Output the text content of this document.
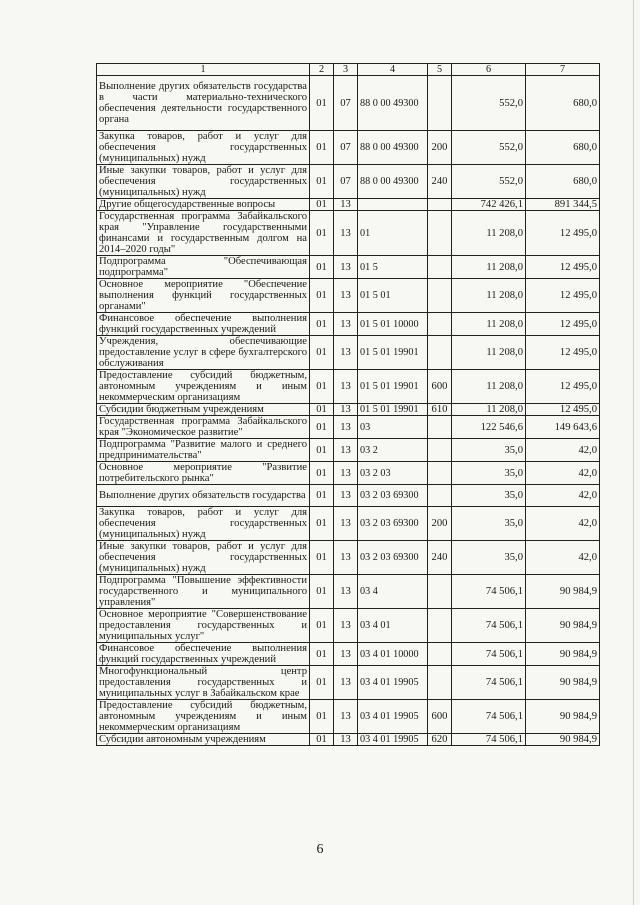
1	2	3	4	5	6	7
Выполнение других обязательств государства в части материально-технического обеспечения деятельности государственного органа	01	07	88 0 00 49300		552,0	680,0
Закупка товаров, работ и услуг для обеспечения государственных (муниципальных) нужд	01	07	88 0 00 49300	200	552,0	680,0
Иные закупки товаров, работ и услуг для обеспечения государственных (муниципальных) нужд	01	07	88 0 00 49300	240	552,0	680,0
Другие общегосударственные вопросы	01	13			742 426,1	891 344,5
Государственная программа Забайкальского края "Управление государственными финансами и государственным долгом на 2014–2020 годы"	01	13	01		11 208,0	12 495,0
Подпрограмма "Обеспечивающая подпрограмма"	01	13	01 5		11 208,0	12 495,0
Основное мероприятие "Обеспечение выполнения функций государственных органами"	01	13	01 5 01		11 208,0	12 495,0
Финансовое обеспечение выполнения функций государственных учреждений	01	13	01 5 01 10000		11 208,0	12 495,0
Учреждения, обеспечивающие предоставление услуг в сфере бухгалтерского обслуживания	01	13	01 5 01 19901		11 208,0	12 495,0
Предоставление субсидий бюджетным, автономным учреждениям и иным некоммерческим организациям	01	13	01 5 01 19901	600	11 208,0	12 495,0
Субсидии бюджетным учреждениям	01	13	01 5 01 19901	610	11 208,0	12 495,0
Государственная программа Забайкальского края "Экономическое развитие"	01	13	03		122 546,6	149 643,6
Подпрограмма "Развитие малого и среднего предпринимательства"	01	13	03 2		35,0	42,0
Основное мероприятие "Развитие потребительского рынка"	01	13	03 2 03		35,0	42,0
Выполнение других обязательств государства	01	13	03 2 03 69300		35,0	42,0
Закупка товаров, работ и услуг для обеспечения государственных (муниципальных) нужд	01	13	03 2 03 69300	200	35,0	42,0
Иные закупки товаров, работ и услуг для обеспечения государственных (муниципальных) нужд	01	13	03 2 03 69300	240	35,0	42,0
Подпрограмма "Повышение эффективности государственного и муниципального управления"	01	13	03 4		74 506,1	90 984,9
Основное мероприятие "Совершенствование предоставления государственных и муниципальных услуг"	01	13	03 4 01		74 506,1	90 984,9
Финансовое обеспечение выполнения функций государственных учреждений	01	13	03 4 01 10000		74 506,1	90 984,9
Многофункциональный центр предоставления государственных и муниципальных услуг в Забайкальском крае	01	13	03 4 01 19905		74 506,1	90 984,9
Предоставление субсидий бюджетным, автономным учреждениям и иным некоммерческим организациям	01	13	03 4 01 19905	600	74 506,1	90 984,9
Субсидии автономным учреждениям	01	13	03 4 01 19905	620	74 506,1	90 984,9
6
